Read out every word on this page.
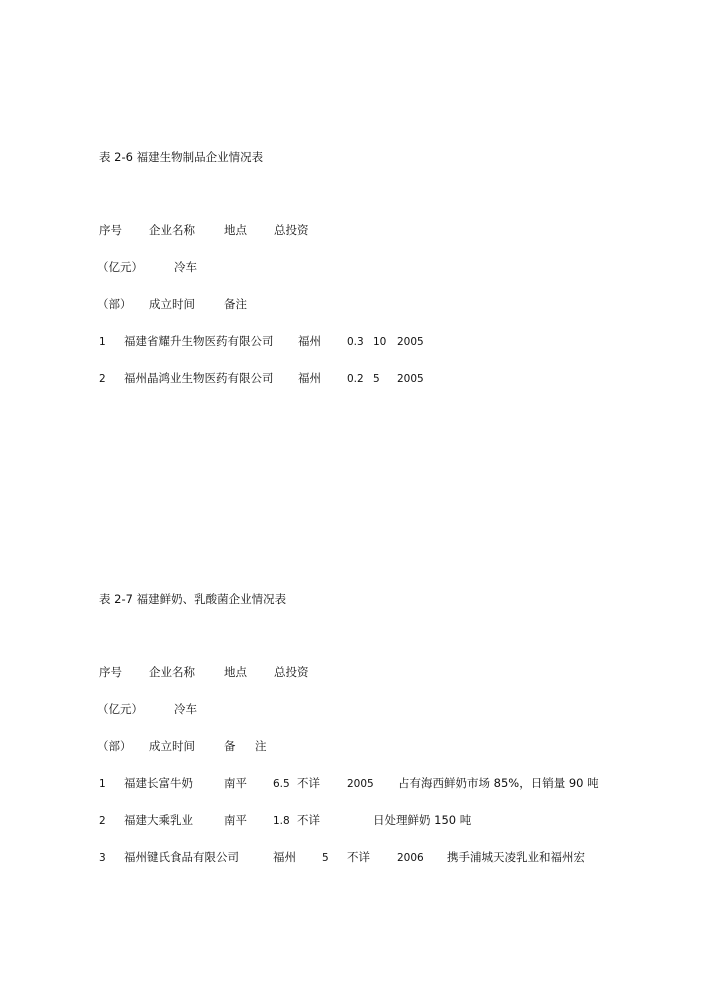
表 2-6 福建生物制品企业情况表
序号 企业名称	地点 总投资
（亿元）	冷车
（部） 成立时间	备注
1 福建省耀升生物医药有限公司 福州 0.3 10 2005
2 福州晶鸿业生物医药有限公司 福州 0.2 5 2005
表 2-7 福建鲜奶、乳酸菌企业情况表
序号 企业名称	地点 总投资
（亿元）	冷车
（部） 成立时间	备 注
1 福建长富牛奶	南平 6.5 不详	2005 占有海西鲜奶市场 85%，日销量 90 吨
2 福建大乘乳业	南平 1.8 不详	日处理鲜奶 150 吨
3 福州键氏食品有限公司	福州 5 不详	2006 携手浦城天凌乳业和福州宏
